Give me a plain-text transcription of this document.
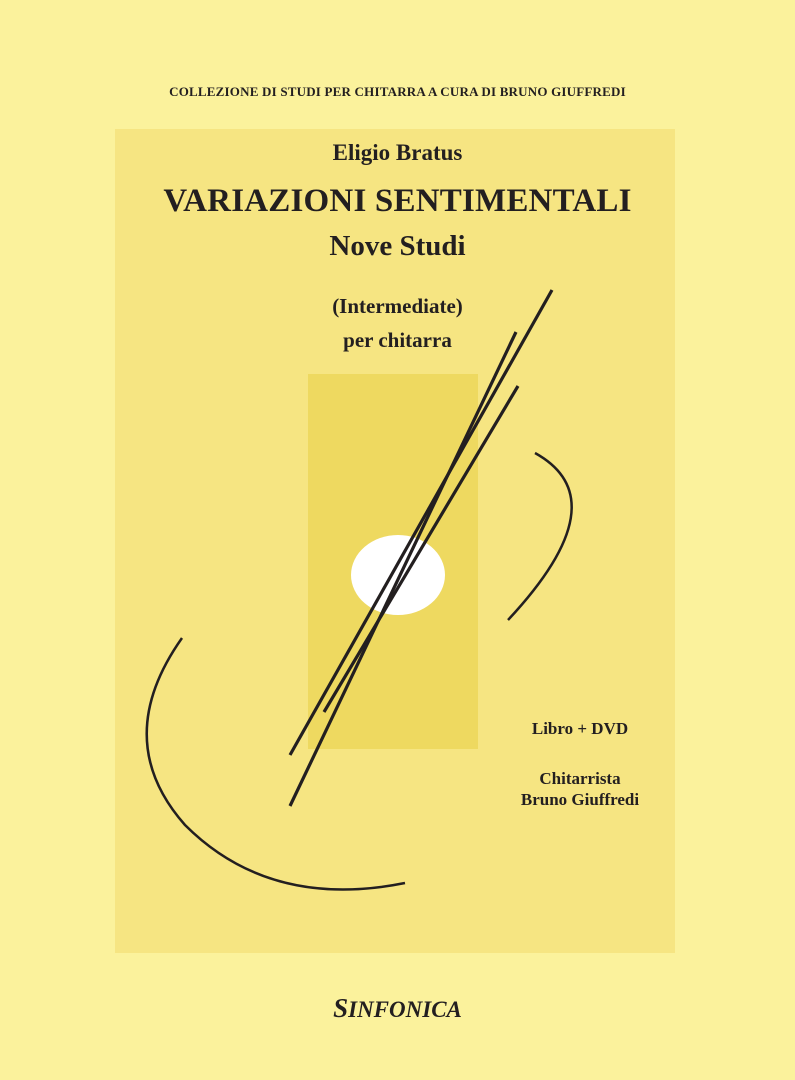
COLLEZIONE DI STUDI PER CHITARRA A CURA DI BRUNO GIUFFREDI
Eligio Bratus
VARIAZIONI SENTIMENTALI
Nove Studi
(Intermediate)
per chitarra
Libro + DVD
Chitarrista
Bruno Giuffredi
SINFONICA
